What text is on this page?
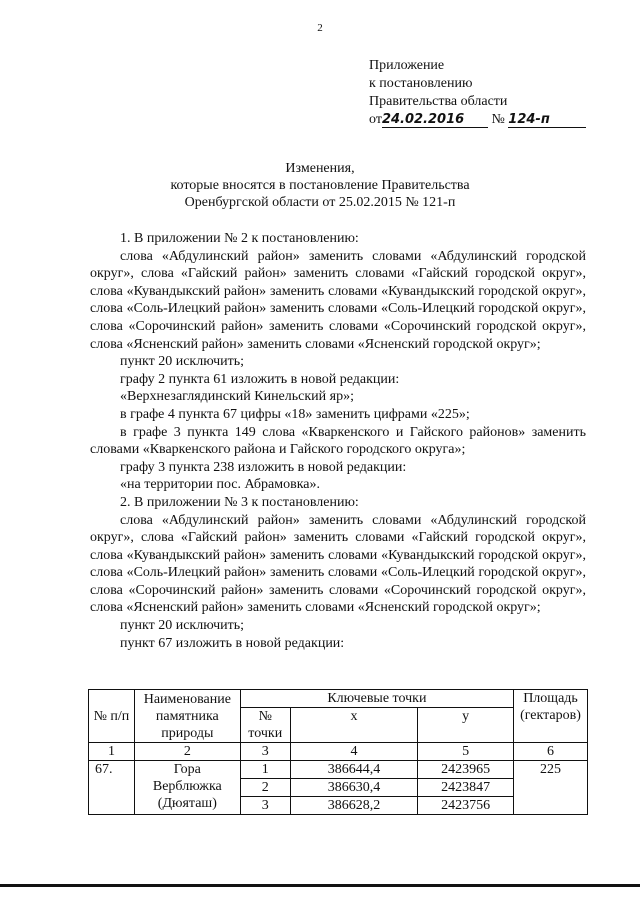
2
Приложение
к постановлению
Правительства области
от24.02.2016 № 124-п
Изменения,
которые вносятся в постановление Правительства
Оренбургской области от 25.02.2015 № 121-п

1. В приложении № 2 к постановлению:

слова «Абдулинский район» заменить словами «Абдулинский городской округ», слова «Гайский район» заменить словами «Гайский городской округ», слова «Кувандыкский район» заменить словами «Кувандыкский городской округ», слова «Соль-Илецкий район» заменить словами «Соль-Илецкий городской округ», слова «Сорочинский район» заменить словами «Сорочинский городской округ», слова «Ясненский район» заменить словами «Ясненский городской округ»;

пункт 20 исключить;

графу 2 пункта 61 изложить в новой редакции:

«Верхнезаглядинский Кинельский яр»;

в графе 4 пункта 67 цифры «18» заменить цифрами «225»;

в графе 3 пункта 149 слова «Кваркенского и Гайского районов» заменить словами «Кваркенского района и Гайского городского округа»;

графу 3 пункта 238 изложить в новой редакции:

«на территории пос. Абрамовка».

2. В приложении № 3 к постановлению:

слова «Абдулинский район» заменить словами «Абдулинский городской округ», слова «Гайский район» заменить словами «Гайский городской округ», слова «Кувандыкский район» заменить словами «Кувандыкский городской округ», слова «Соль-Илецкий район» заменить словами «Соль-Илецкий городской округ», слова «Сорочинский район» заменить словами «Сорочинский городской округ», слова «Ясненский район» заменить словами «Ясненский городской округ»;

пункт 20 исключить;

пункт 67 изложить в новой редакции:

№ п/п	Наименование памятника природы	Ключевые точки			Площадь (гектаров)
		№ точки	х	у	
1	2	3	4	5	6
67.	Гора
Верблюжка
(Дюяташ)	1	386644,4	2423965	225
		2	386630,4	2423847	
		3	386628,2	2423756	
